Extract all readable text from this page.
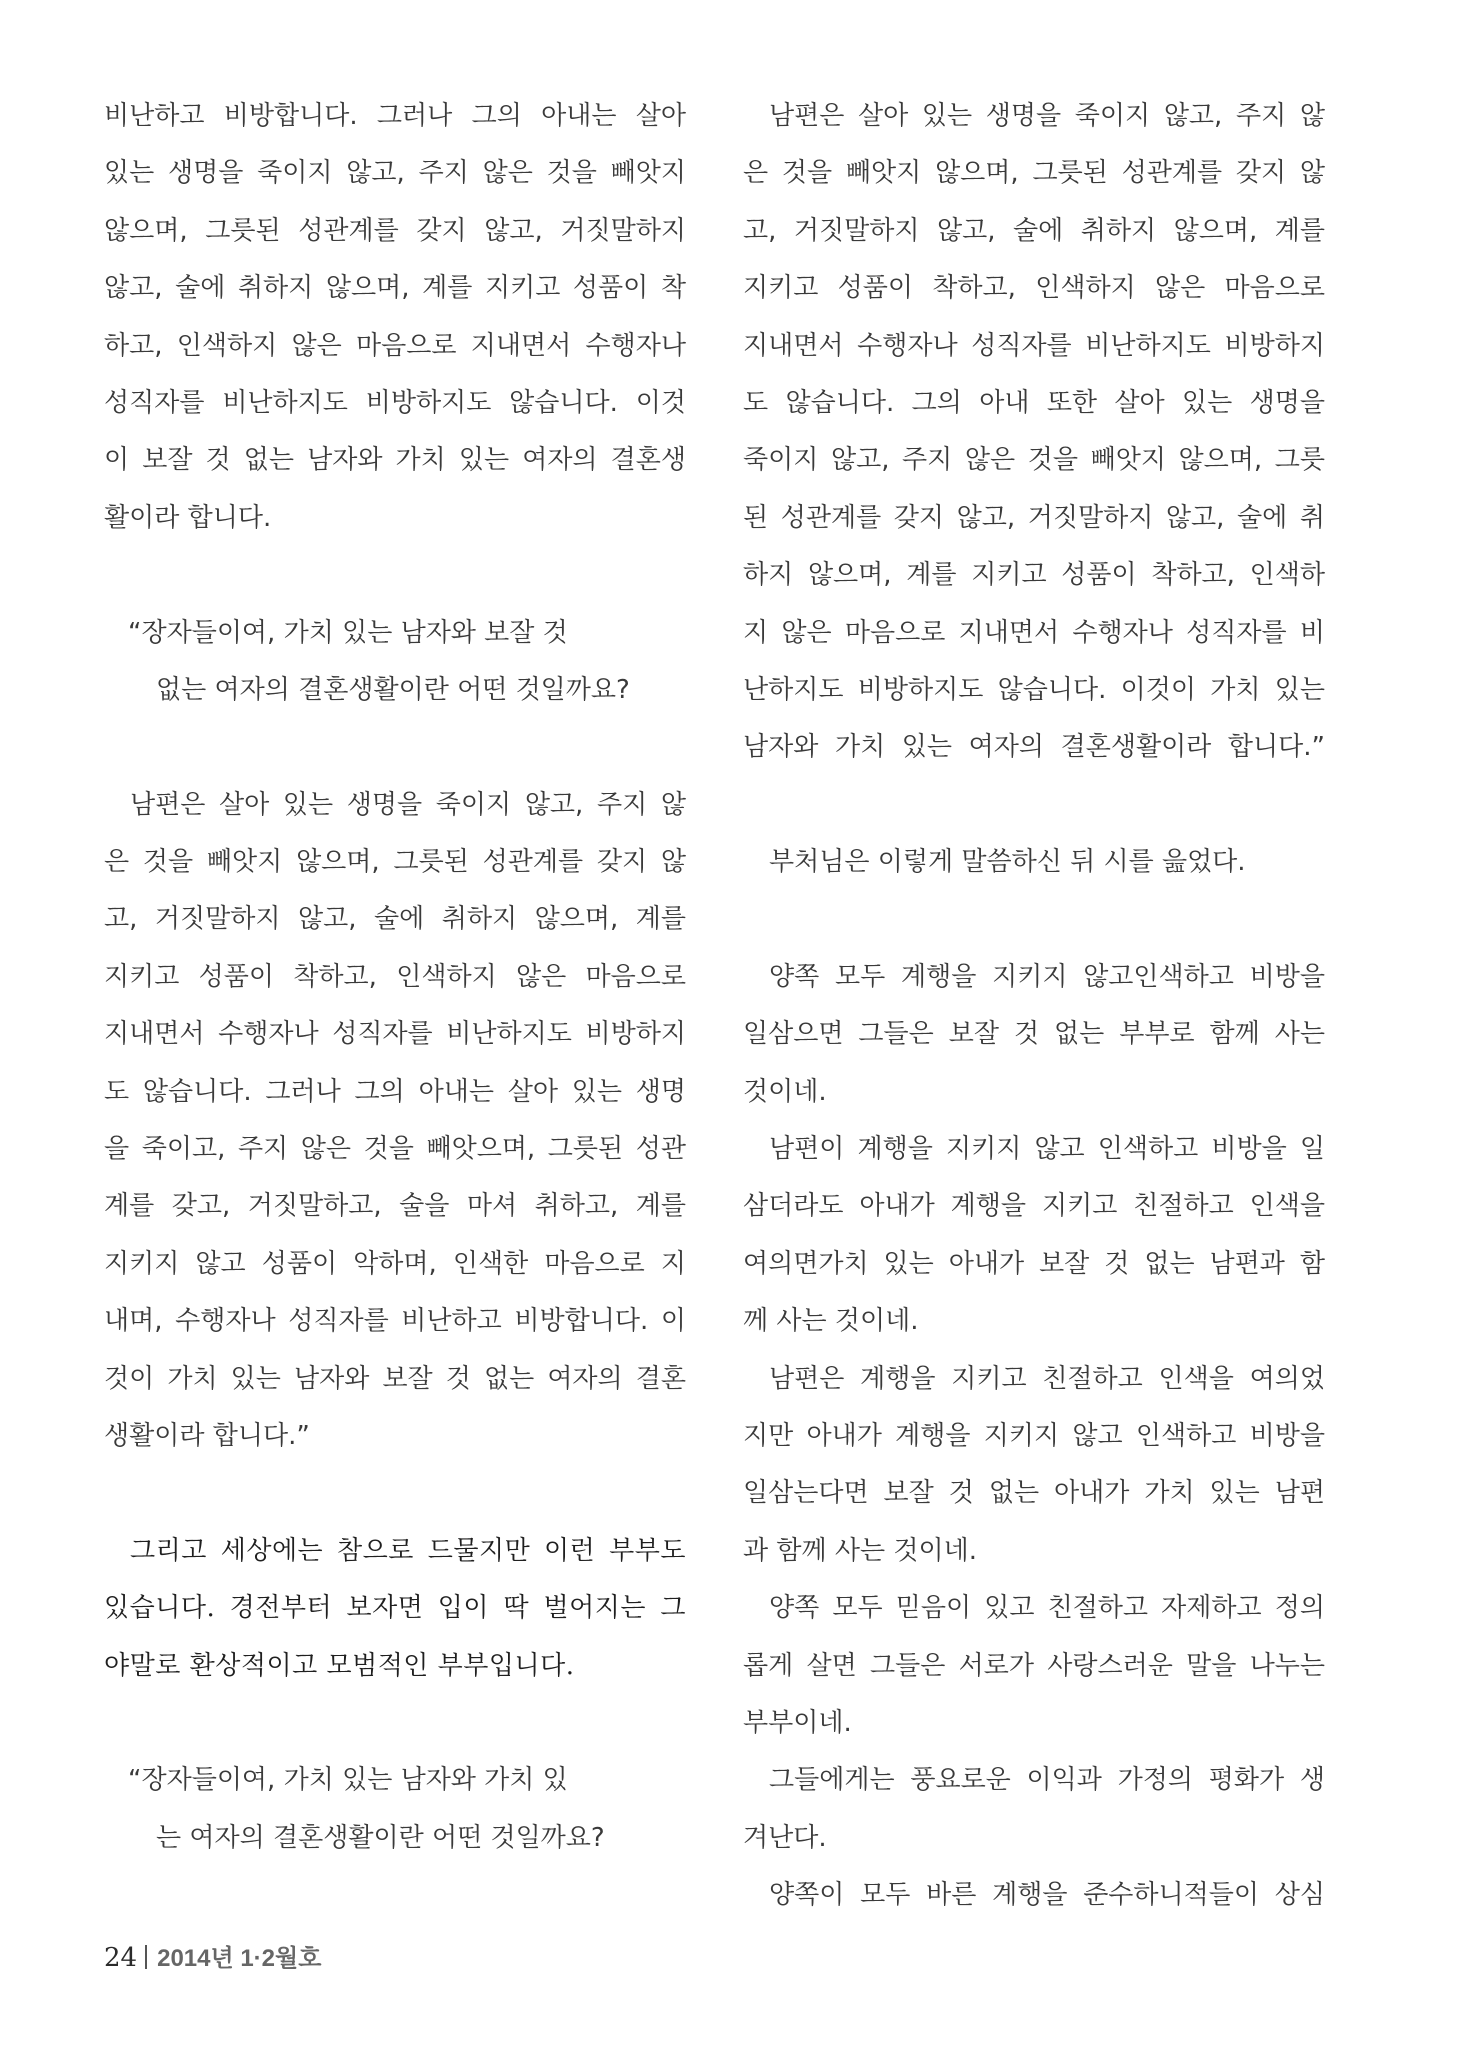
비난하고 비방합니다. 그러나 그의 아내는 살아
있는 생명을 죽이지 않고, 주지 않은 것을 빼앗지
않으며, 그릇된 성관계를 갖지 않고, 거짓말하지
않고, 술에 취하지 않으며, 계를 지키고 성품이 착
하고, 인색하지 않은 마음으로 지내면서 수행자나
성직자를 비난하지도 비방하지도 않습니다. 이것
이 보잘 것 없는 남자와 가치 있는 여자의 결혼생
활이라 합니다.
“장자들이여, 가치 있는 남자와 보잘 것
없는 여자의 결혼생활이란 어떤 것일까요?
남편은 살아 있는 생명을 죽이지 않고, 주지 않
은 것을 빼앗지 않으며, 그릇된 성관계를 갖지 않
고, 거짓말하지 않고, 술에 취하지 않으며, 계를
지키고 성품이 착하고, 인색하지 않은 마음으로
지내면서 수행자나 성직자를 비난하지도 비방하지
도 않습니다. 그러나 그의 아내는 살아 있는 생명
을 죽이고, 주지 않은 것을 빼앗으며, 그릇된 성관
계를 갖고, 거짓말하고, 술을 마셔 취하고, 계를
지키지 않고 성품이 악하며, 인색한 마음으로 지
내며, 수행자나 성직자를 비난하고 비방합니다. 이
것이 가치 있는 남자와 보잘 것 없는 여자의 결혼
생활이라 합니다.”
그리고 세상에는 참으로 드물지만 이런 부부도
있습니다. 경전부터 보자면 입이 딱 벌어지는 그
야말로 환상적이고 모범적인 부부입니다.
“장자들이여, 가치 있는 남자와 가치 있
는 여자의 결혼생활이란 어떤 것일까요?
남편은 살아 있는 생명을 죽이지 않고, 주지 않
은 것을 빼앗지 않으며, 그릇된 성관계를 갖지 않
고, 거짓말하지 않고, 술에 취하지 않으며, 계를
지키고 성품이 착하고, 인색하지 않은 마음으로
지내면서 수행자나 성직자를 비난하지도 비방하지
도 않습니다. 그의 아내 또한 살아 있는 생명을
죽이지 않고, 주지 않은 것을 빼앗지 않으며, 그릇
된 성관계를 갖지 않고, 거짓말하지 않고, 술에 취
하지 않으며, 계를 지키고 성품이 착하고, 인색하
지 않은 마음으로 지내면서 수행자나 성직자를 비
난하지도 비방하지도 않습니다. 이것이 가치 있는
남자와 가치 있는 여자의 결혼생활이라 합니다.”
부처님은 이렇게 말씀하신 뒤 시를 읊었다.
양쪽 모두 계행을 지키지 않고인색하고 비방을
일삼으면 그들은 보잘 것 없는 부부로 함께 사는
것이네.
남편이 계행을 지키지 않고 인색하고 비방을 일
삼더라도 아내가 계행을 지키고 친절하고 인색을
여의면가치 있는 아내가 보잘 것 없는 남편과 함
께 사는 것이네.
남편은 계행을 지키고 친절하고 인색을 여의었
지만 아내가 계행을 지키지 않고 인색하고 비방을
일삼는다면 보잘 것 없는 아내가 가치 있는 남편
과 함께 사는 것이네.
양쪽 모두 믿음이 있고 친절하고 자제하고 정의
롭게 살면 그들은 서로가 사랑스러운 말을 나누는
부부이네.
그들에게는 풍요로운 이익과 가정의 평화가 생
겨난다.
양쪽이 모두 바른 계행을 준수하니적들이 상심
24 2014년 1·2월호
